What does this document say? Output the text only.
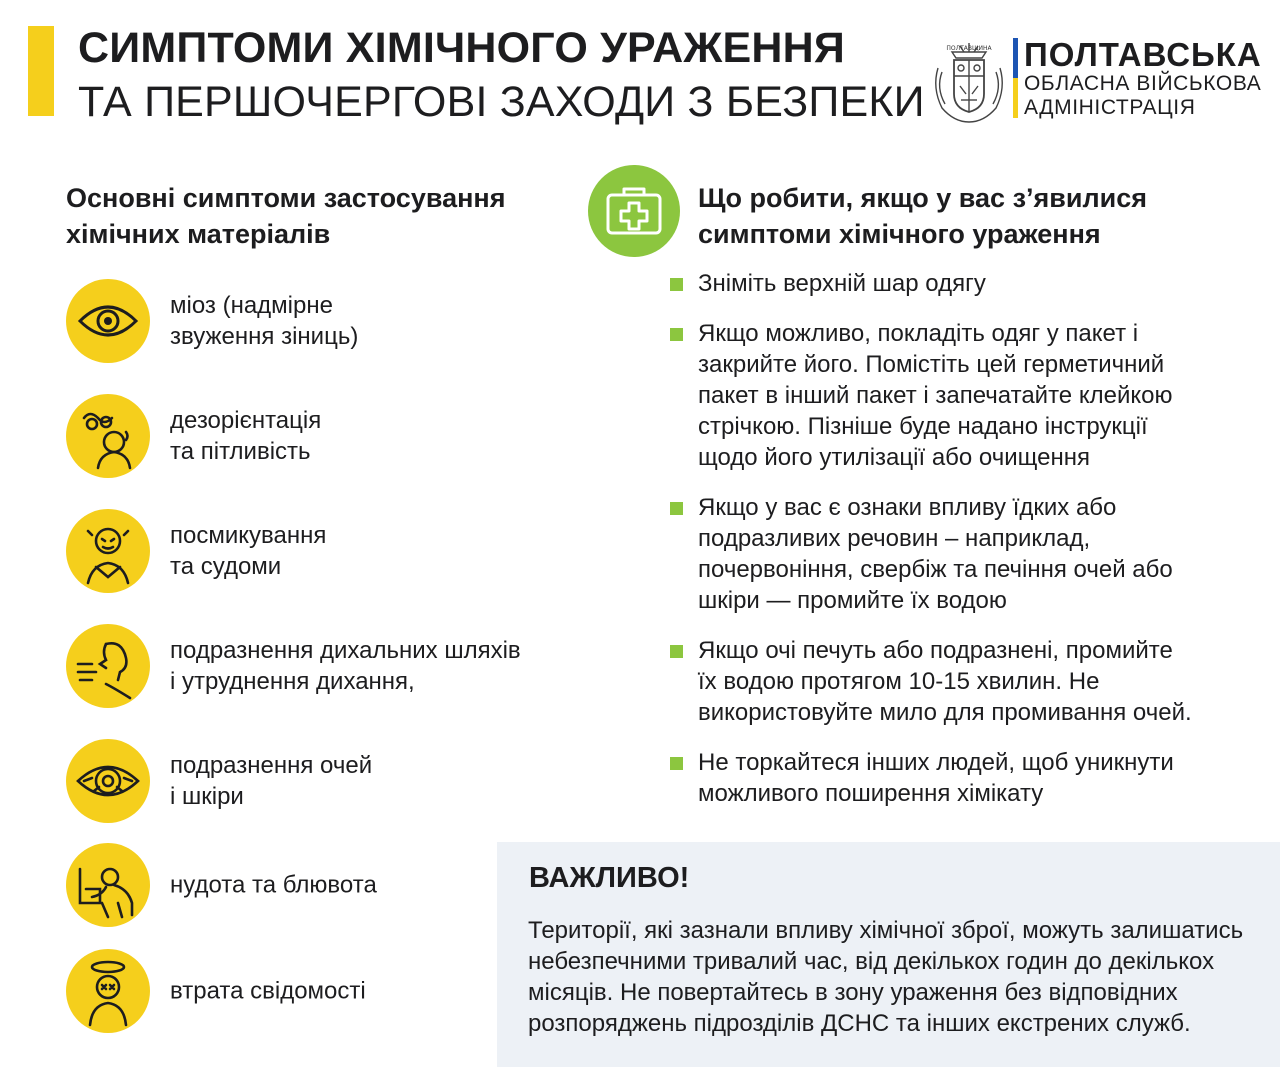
СИМПТОМИ ХІМІЧНОГО УРАЖЕННЯ
ТА ПЕРШОЧЕРГОВІ ЗАХОДИ З БЕЗПЕКИ
ПОЛТАВЩИНА ПОЛТАВСЬКА
ОБЛАСНА ВІЙСЬКОВА
АДМІНІСТРАЦІЯ
Основні симптоми застосування
хімічних матеріалів
міоз (надмірне
звуження зіниць)
дезорієнтація
та пітливість
посмикування
та судоми
подразнення дихальних шляхів
і утруднення дихання,
подразнення очей
і шкіри
нудота та блювота
втрата свідомості
Що робити, якщо у вас з’явилися
симптоми хімічного ураження
Зніміть верхній шар одягу
Якщо можливо, покладіть одяг у пакет і
закрийте його. Помістіть цей герметичний
пакет в інший пакет і запечатайте клейкою
стрічкою. Пізніше буде надано інструкції
щодо його утилізації або очищення
Якщо у вас є ознаки впливу їдких або
подразливих речовин – наприклад,
почервоніння, свербіж та печіння очей або
шкіри — промийте їх водою
Якщо очі печуть або подразнені, промийте
їх водою протягом 10-15 хвилин. Не
використовуйте мило для промивання очей.
Не торкайтеся інших людей, щоб уникнути
можливого поширення хімікату
ВАЖЛИВО!
Території, які зазнали впливу хімічної зброї, можуть залишатись
небезпечними тривалий час, від декількох годин до декількох
місяців. Не повертайтесь в зону ураження без відповідних
розпоряджень підрозділів ДСНС та інших екстрених служб.
